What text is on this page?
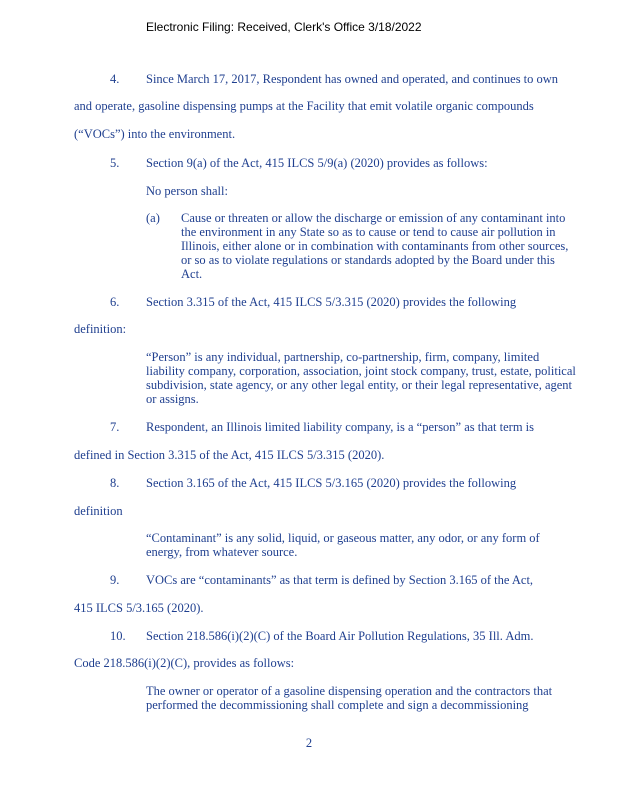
Electronic Filing: Received, Clerk's Office 3/18/2022
4. Since March 17, 2017, Respondent has owned and operated, and continues to own
and operate, gasoline dispensing pumps at the Facility that emit volatile organic compounds
(“VOCs”) into the environment.
5. Section 9(a) of the Act, 415 ILCS 5/9(a) (2020) provides as follows:
No person shall:
(a) Cause or threaten or allow the discharge or emission of any contaminant into the environment in any State so as to cause or tend to cause air pollution in Illinois, either alone or in combination with contaminants from other sources, or so as to violate regulations or standards adopted by the Board under this Act.
6. Section 3.315 of the Act, 415 ILCS 5/3.315 (2020) provides the following
definition:
“Person” is any individual, partnership, co-partnership, firm, company, limited liability company, corporation, association, joint stock company, trust, estate, political subdivision, state agency, or any other legal entity, or their legal representative, agent or assigns.
7. Respondent, an Illinois limited liability company, is a “person” as that term is
defined in Section 3.315 of the Act, 415 ILCS 5/3.315 (2020).
8. Section 3.165 of the Act, 415 ILCS 5/3.165 (2020) provides the following
definition
“Contaminant” is any solid, liquid, or gaseous matter, any odor, or any form of energy, from whatever source.
9. VOCs are “contaminants” as that term is defined by Section 3.165 of the Act,
415 ILCS 5/3.165 (2020).
10. Section 218.586(i)(2)(C) of the Board Air Pollution Regulations, 35 Ill. Adm.
Code 218.586(i)(2)(C), provides as follows:
The owner or operator of a gasoline dispensing operation and the contractors that performed the decommissioning shall complete and sign a decommissioning
2
